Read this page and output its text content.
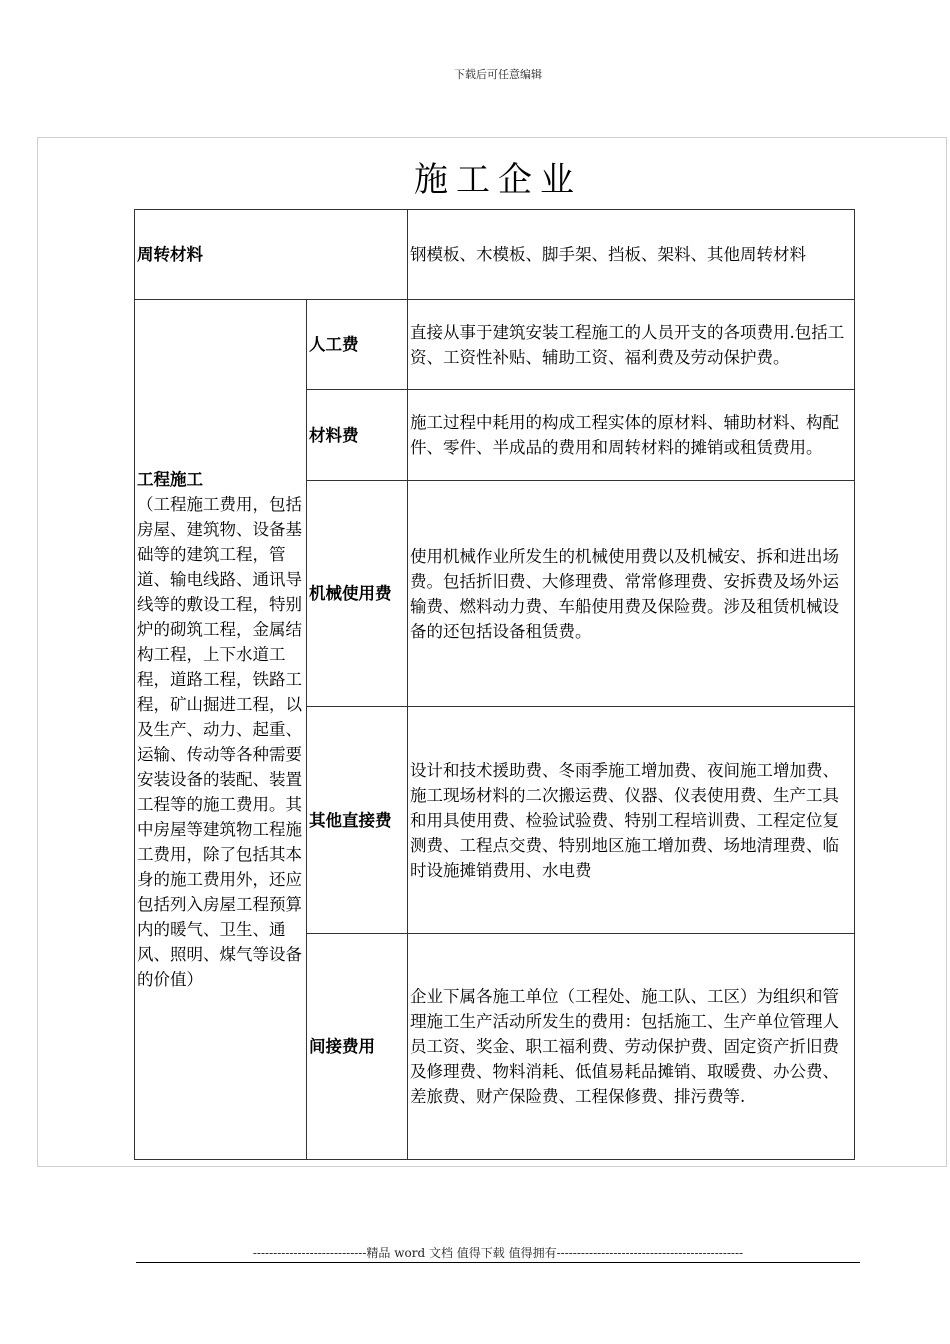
下载后可任意编辑
施工企业
周转材料		钢模板、木模板、脚手架、挡板、架料、其他周转材料

工程施工
（工程施工费用，包括房屋、建筑物、设备基础等的建筑工程，管道、输电线路、通讯导线等的敷设工程，特别炉的砌筑工程，金属结构工程，上下水道工程，道路工程，铁路工程，矿山掘进工程，以及生产、动力、起重、运输、传动等各种需要安装设备的装配、装置工程等的施工费用。其中房屋等建筑物工程施工费用，除了包括其本身的施工费用外，还应包括列入房屋工程预算内的暖气、卫生、通风、照明、煤气等设备的价值）	人工费	直接从事于建筑安装工程施工的人员开支的各项费用.包括工资、工资性补贴、辅助工资、福利费及劳动保护费。
	材料费	施工过程中耗用的构成工程实体的原材料、辅助材料、构配件、零件、半成品的费用和周转材料的摊销或租赁费用。
	机械使用费	使用机械作业所发生的机械使用费以及机械安、拆和进出场费。包括折旧费、大修理费、常常修理费、安拆费及场外运输费、燃料动力费、车船使用费及保险费。涉及租赁机械设备的还包括设备租赁费。
	其他直接费	设计和技术援助费、冬雨季施工增加费、夜间施工增加费、施工现场材料的二次搬运费、仪器、仪表使用费、生产工具和用具使用费、检验试验费、特别工程培训费、工程定位复测费、工程点交费、特别地区施工增加费、场地清理费、临时设施摊销费用、水电费
	间接费用	企业下属各施工单位（工程处、施工队、工区）为组织和管理施工生产活动所发生的费用：包括施工、生产单位管理人员工资、奖金、职工福利费、劳动保护费、固定资产折旧费及修理费、物料消耗、低值易耗品摊销、取暖费、办公费、差旅费、财产保险费、工程保修费、排污费等.
----------------------------精品 word 文档 值得下载 值得拥有----------------------------------------------
